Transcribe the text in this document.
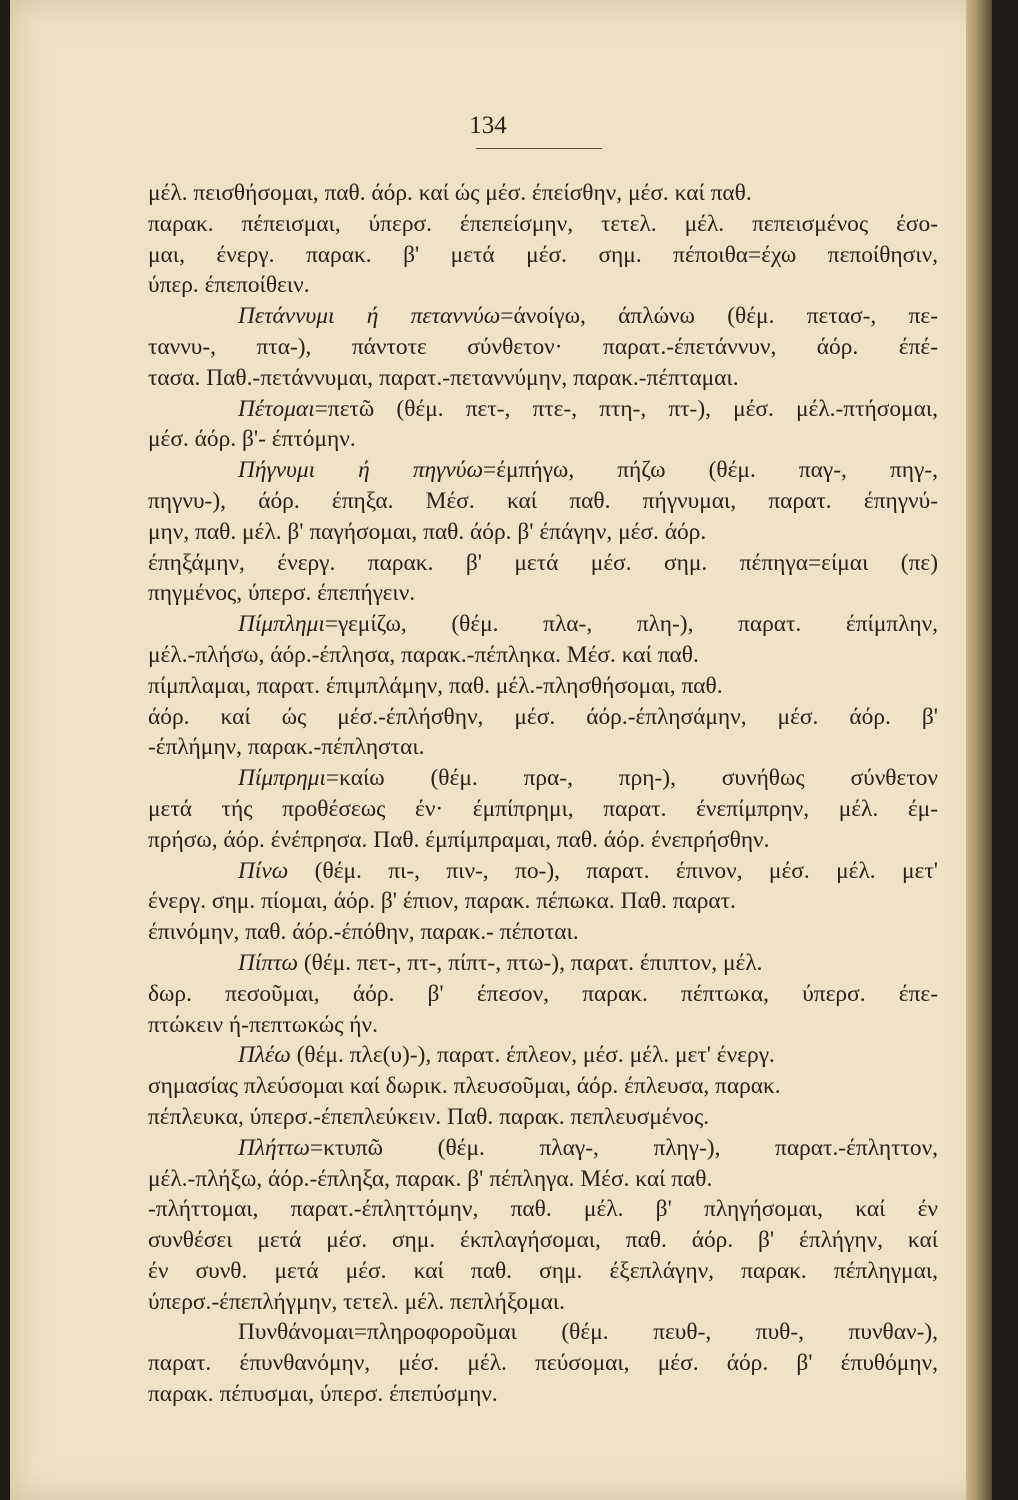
134
μέλ. πεισθήσομαι, παθ. άόρ. καί ώς μέσ. έπείσθην, μέσ. καί παθ.
παρακ. πέπεισμαι, ύπερσ. έπεπείσμην, τετελ. μέλ. πεπεισμένος έσο-
μαι, ένεργ. παρακ. β' μετά μέσ. σημ. πέποιθα=έχω πεποίθησιν,
ύπερ. έπεποίθειν.
Πετάννυμι ή πεταννύω=άνοίγω, άπλώνω (θέμ. πετασ-, πε-
ταννυ-, πτα-), πάντοτε σύνθετον· παρατ.-έπετάννυν, άόρ. έπέ-
τασα. Παθ.-πετάννυμαι, παρατ.-πεταννύμην, παρακ.-πέπταμαι.
Πέτομαι=πετῶ (θέμ. πετ-, πτε-, πτη-, πτ-), μέσ. μέλ.-πτήσομαι,
μέσ. άόρ. β'- έπτόμην.
Πήγνυμι ή πηγνύω=έμπήγω, πήζω (θέμ. παγ-, πηγ-,
πηγνυ-), άόρ. έπηξα. Μέσ. καί παθ. πήγνυμαι, παρατ. έπηγνύ-
μην, παθ. μέλ. β' παγήσομαι, παθ. άόρ. β' έπάγην, μέσ. άόρ.
έπηξάμην, ένεργ. παρακ. β' μετά μέσ. σημ. πέπηγα=είμαι (πε)
πηγμένος, ύπερσ. έπεπήγειν.
Πίμπλημι=γεμίζω, (θέμ. πλα-, πλη-), παρατ. έπίμπλην,
μέλ.-πλήσω, άόρ.-έπλησα, παρακ.-πέπληκα. Μέσ. καί παθ.
πίμπλαμαι, παρατ. έπιμπλάμην, παθ. μέλ.-πλησθήσομαι, παθ.
άόρ. καί ώς μέσ.-έπλήσθην, μέσ. άόρ.-έπλησάμην, μέσ. άόρ. β'
-έπλήμην, παρακ.-πέπλησται.
Πίμπρημι=καίω (θέμ. πρα-, πρη-), συνήθως σύνθετον
μετά τής προθέσεως έν· έμπίπρημι, παρατ. ένεπίμπρην, μέλ. έμ-
πρήσω, άόρ. ένέπρησα. Παθ. έμπίμπραμαι, παθ. άόρ. ένεπρήσθην.
Πίνω (θέμ. πι-, πιν-, πο-), παρατ. έπινον, μέσ. μέλ. μετ'
ένεργ. σημ. πίομαι, άόρ. β' έπιον, παρακ. πέπωκα. Παθ. παρατ.
έπινόμην, παθ. άόρ.-έπόθην, παρακ.- πέποται.
Πίπτω (θέμ. πετ-, πτ-, πίπτ-, πτω-), παρατ. έπιπτον, μέλ.
δωρ. πεσοῦμαι, άόρ. β' έπεσον, παρακ. πέπτωκα, ύπερσ. έπε-
πτώκειν ή-πεπτωκώς ήν.
Πλέω (θέμ. πλε(υ)-), παρατ. έπλεον, μέσ. μέλ. μετ' ένεργ.
σημασίας πλεύσομαι καί δωρικ. πλευσοῦμαι, άόρ. έπλευσα, παρακ.
πέπλευκα, ύπερσ.-έπεπλεύκειν. Παθ. παρακ. πεπλευσμένος.
Πλήττω=κτυπῶ (θέμ. πλαγ-, πληγ-), παρατ.-έπληττον,
μέλ.-πλήξω, άόρ.-έπληξα, παρακ. β' πέπληγα. Μέσ. καί παθ.
-πλήττομαι, παρατ.-έπληττόμην, παθ. μέλ. β' πληγήσομαι, καί έν
συνθέσει μετά μέσ. σημ. έκπλαγήσομαι, παθ. άόρ. β' έπλήγην, καί
έν συνθ. μετά μέσ. καί παθ. σημ. έξεπλάγην, παρακ. πέπληγμαι,
ύπερσ.-έπεπλήγμην, τετελ. μέλ. πεπλήξομαι.
Πυνθάνομαι=πληροφοροῦμαι (θέμ. πευθ-, πυθ-, πυνθαν-),
παρατ. έπυνθανόμην, μέσ. μέλ. πεύσομαι, μέσ. άόρ. β' έπυθόμην,
παρακ. πέπυσμαι, ύπερσ. έπεπύσμην.
